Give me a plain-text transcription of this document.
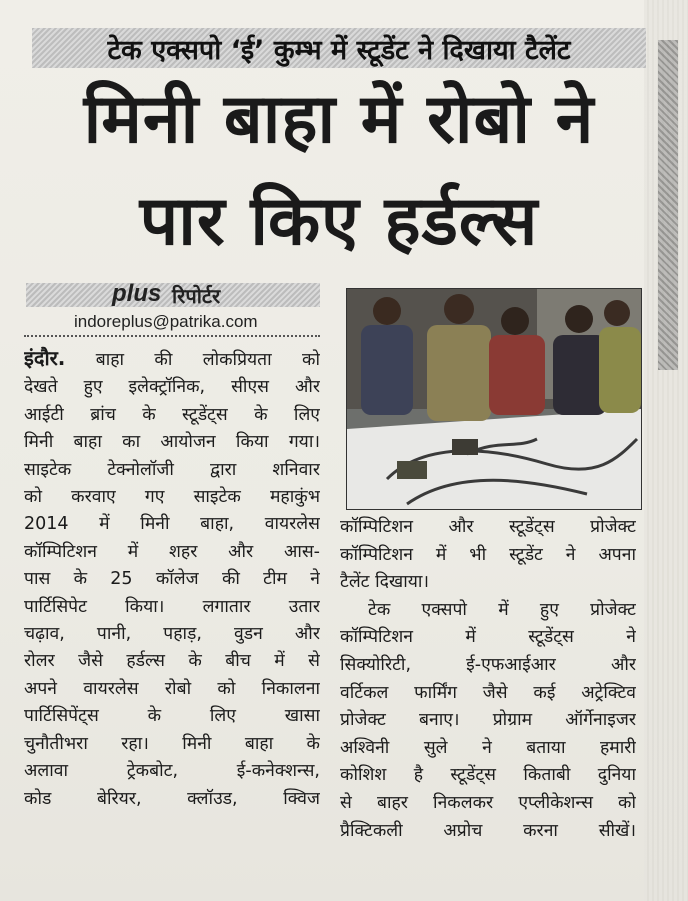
टेक एक्सपो ‘ई’ कुम्भ में स्टूडेंट ने दिखाया टैलेंट
मिनी बाहा में रोबो ने
पार किए हर्डल्स
plus रिपोर्टर
indoreplus@patrika.com
इंदौर. बाहा की लोकप्रियता को
देखते हुए इलेक्ट्रॉनिक, सीएस और
आईटी ब्रांच के स्टूडेंट्स के लिए
मिनी बाहा का आयोजन किया गया।
साइटेक टेक्नोलॉजी द्वारा शनिवार
को करवाए गए साइटेक महाकुंभ
2014 में मिनी बाहा, वायरलेस
कॉम्पिटिशन में शहर और आस-
पास के 25 कॉलेज की टीम ने
पार्टिसिपेट किया। लगातार उतार
चढ़ाव, पानी, पहाड़, वुडन और
रोलर जैसे हर्डल्स के बीच में से
अपने वायरलेस रोबो को निकालना
पार्टिसिपेंट्स के लिए खासा
चुनौतीभरा रहा। मिनी बाहा के
अलावा ट्रेकबोट, ई-कनेक्शन्स,
कोड बेरियर, क्लॉउड, क्विज
कॉम्पिटिशन और स्टूडेंट्स प्रोजेक्ट
कॉम्पिटिशन में भी स्टूडेंट ने अपना
टैलेंट दिखाया।
टेक एक्सपो में हुए प्रोजेक्ट
कॉम्पिटिशन में स्टूडेंट्स ने
सिक्योरिटी, ई-एफआईआर और
वर्टिकल फार्मिंग जैसे कई अट्रेक्टिव
प्रोजेक्ट बनाए। प्रोग्राम ऑर्गेनाइजर
अश्विनी सुले ने बताया हमारी
कोशिश है स्टूडेंट्स किताबी दुनिया
से बाहर निकलकर एप्लीकेशन्स को
प्रैक्टिकली अप्रोच करना सीखें।
